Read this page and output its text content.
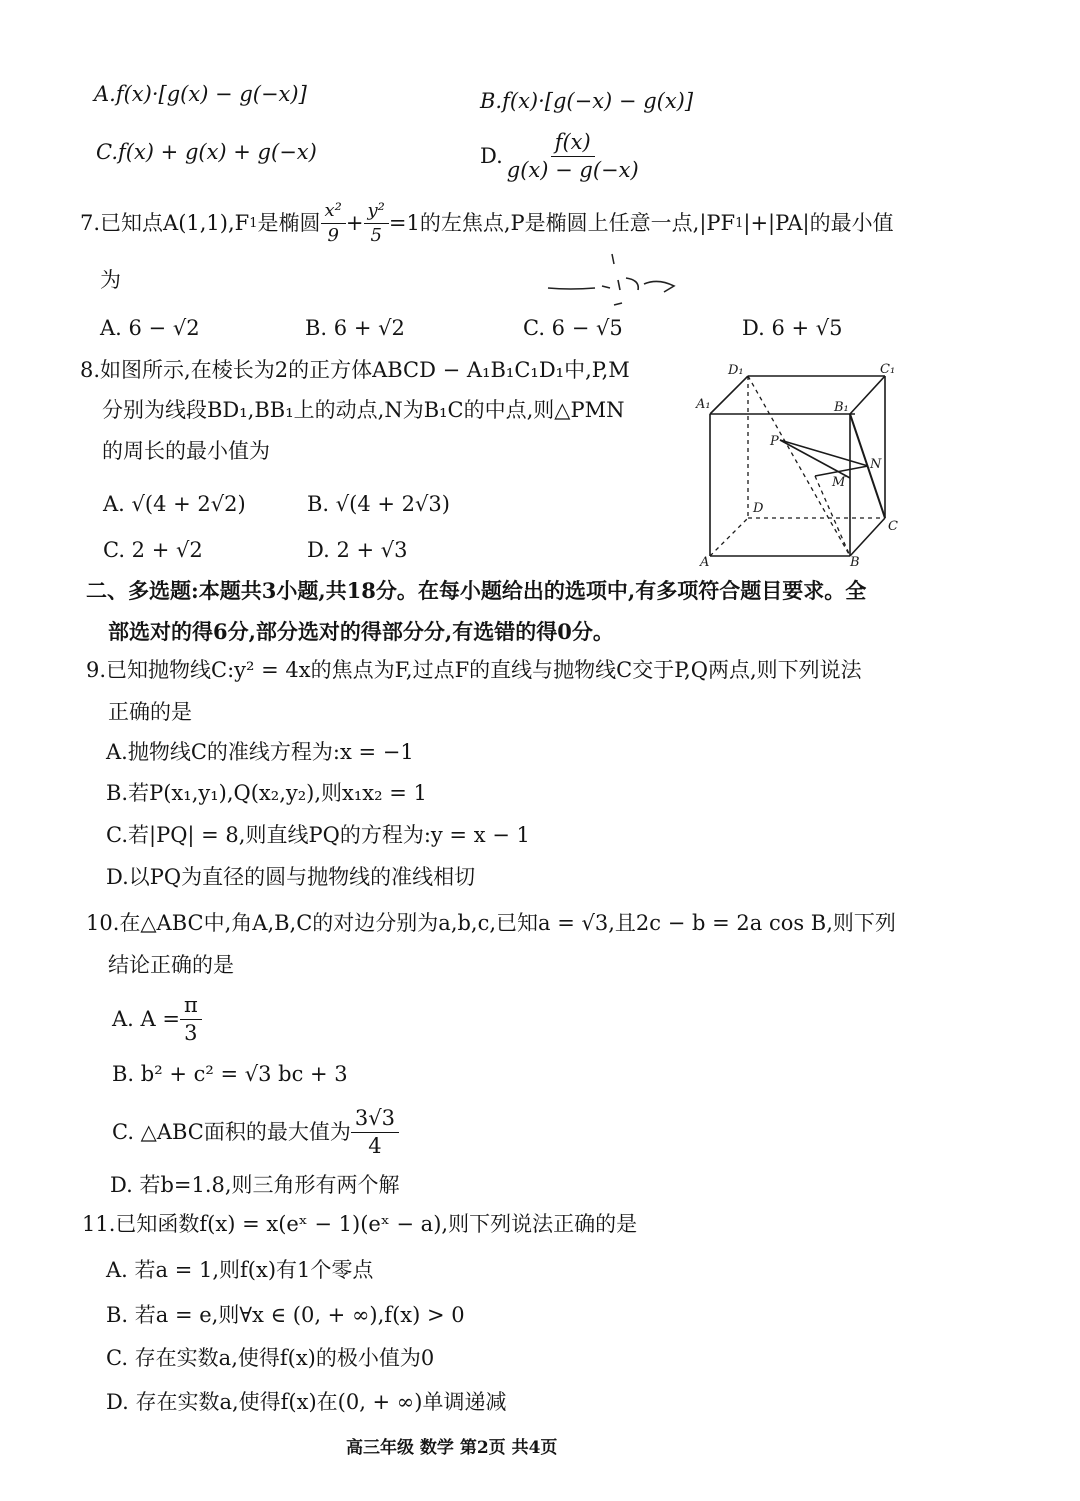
A.f(x)·[g(x) − g(−x)]	B.f(x)·[g(−x) − g(x)]
C.f(x) + g(x) + g(−x)	D. $\frac{f(x)}{g(x) - g(-x)}$
7.已知点A(1,1),F 1 是椭圆 $\frac{\text{x²}}{9} + \frac{\text{y²}}{5} =1$的左焦点,P是椭圆上任意一点,|PF 1 |+|PA|的最小值
为
A. 6 − √2	B. 6 + √2	C. 6 − √5	D. 6 + √5
8.如图所示,在棱长为2的正方体ABCD − A₁B₁C₁D₁中,P,M
分别为线段BD₁,BB₁上的动点,N为B₁C的中点,则△PMN
的周长的最小值为
A. √(4 + 2√2)	B. √(4 + 2√3)
C. 2 + √2	D. 2 + √3
D₁	C₁
A₁	B₁
P
N
M
D
C
A	B
二、多选题:本题共3小题,共18分。在每小题给出的选项中,有多项符合题目要求。全
部选对的得6分,部分选对的得部分分,有选错的得0分。
9.已知抛物线C:y² = 4x的焦点为F,过点F的直线与抛物线C交于P,Q两点,则下列说法
正确的是
A.抛物线C的准线方程为:x = −1
B.若P(x₁,y₁),Q(x₂,y₂),则x₁x₂ = 1
C.若|PQ| = 8,则直线PQ的方程为:y = x − 1
D.以PQ为直径的圆与抛物线的准线相切
10.在△ABC中,角A,B,C的对边分别为a,b,c,已知a = √3,且2c − b = 2a cos B,则下列
结论正确的是
A. $A = \frac{\pi}{3}$
B. b² + c² = √3 bc + 3
C. △ABC面积的最大值为 $\frac{3√3}{4}$
D. 若b=1.8,则三角形有两个解
11.已知函数f(x) = x(eˣ − 1)(eˣ − a),则下列说法正确的是
A. 若a = 1,则f(x)有1个零点
B. 若a = e,则∀x ∈ (0, + ∞),f(x) > 0
C. 存在实数a,使得f(x)的极小值为0
D. 存在实数a,使得f(x)在(0, + ∞)单调递减
高三年级 数学 第2页 共4页
